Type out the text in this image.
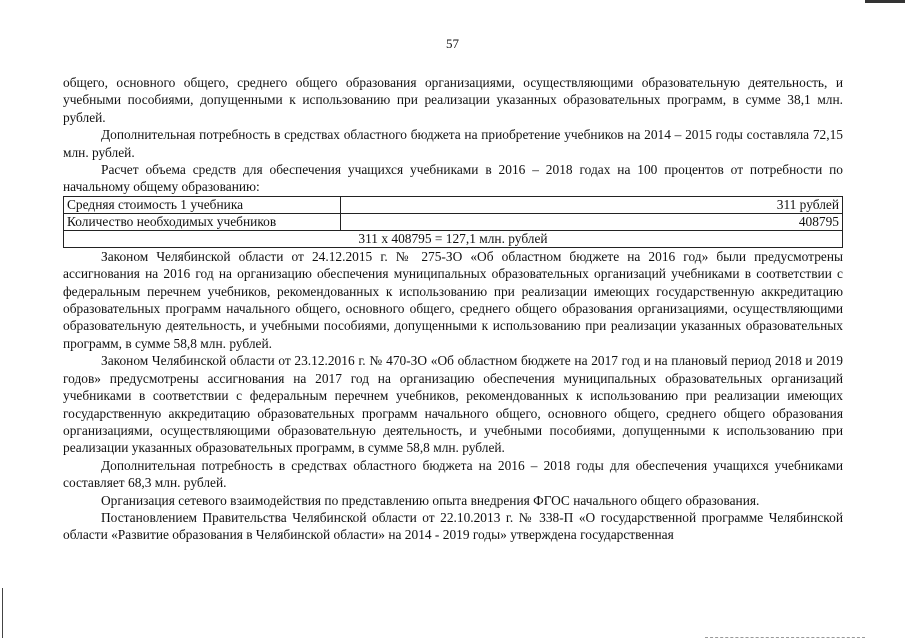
57

общего, основного общего, среднего общего образования организациями, осуществляющими образовательную деятельность, и учебными пособиями, допущенными к использованию при реализации указанных образовательных программ, в сумме 38,1 млн. рублей.

Дополнительная потребность в средствах областного бюджета на приобретение учебников на 2014 – 2015 годы составляла 72,15 млн. рублей.

Расчет объема средств для обеспечения учащихся учебниками в 2016 – 2018 годах на 100 процентов от потребности по начальному общему образованию:

Средняя стоимость 1 учебника	311 рублей
Количество необходимых учебников	408795
311 х 408795 = 127,1 млн. рублей	

Законом Челябинской области от 24.12.2015 г. № 275-ЗО «Об областном бюджете на 2016 год» были предусмотрены ассигнования на 2016 год на организацию обеспечения муниципальных образовательных организаций учебниками в соответствии с федеральным перечнем учебников, рекомендованных к использованию при реализации имеющих государственную аккредитацию образовательных программ начального общего, основного общего, среднего общего образования организациями, осуществляющими образовательную деятельность, и учебными пособиями, допущенными к использованию при реализации указанных образовательных программ, в сумме 58,8 млн. рублей.

Законом Челябинской области от 23.12.2016 г. № 470-ЗО «Об областном бюджете на 2017 год и на плановый период 2018 и 2019 годов» предусмотрены ассигнования на 2017 год на организацию обеспечения муниципальных образовательных организаций учебниками в соответствии с федеральным перечнем учебников, рекомендованных к использованию при реализации имеющих государственную аккредитацию образовательных программ начального общего, основного общего, среднего общего образования организациями, осуществляющими образовательную деятельность, и учебными пособиями, допущенными к использованию при реализации указанных образовательных программ, в сумме 58,8 млн. рублей.

Дополнительная потребность в средствах областного бюджета на 2016 – 2018 годы для обеспечения учащихся учебниками составляет 68,3 млн. рублей.

Организация сетевого взаимодействия по представлению опыта внедрения ФГОС начального общего образования.

Постановлением Правительства Челябинской области от 22.10.2013 г. № 338-П «О государственной программе Челябинской области «Развитие образования в Челябинской области» на 2014 - 2019 годы» утверждена государственная
